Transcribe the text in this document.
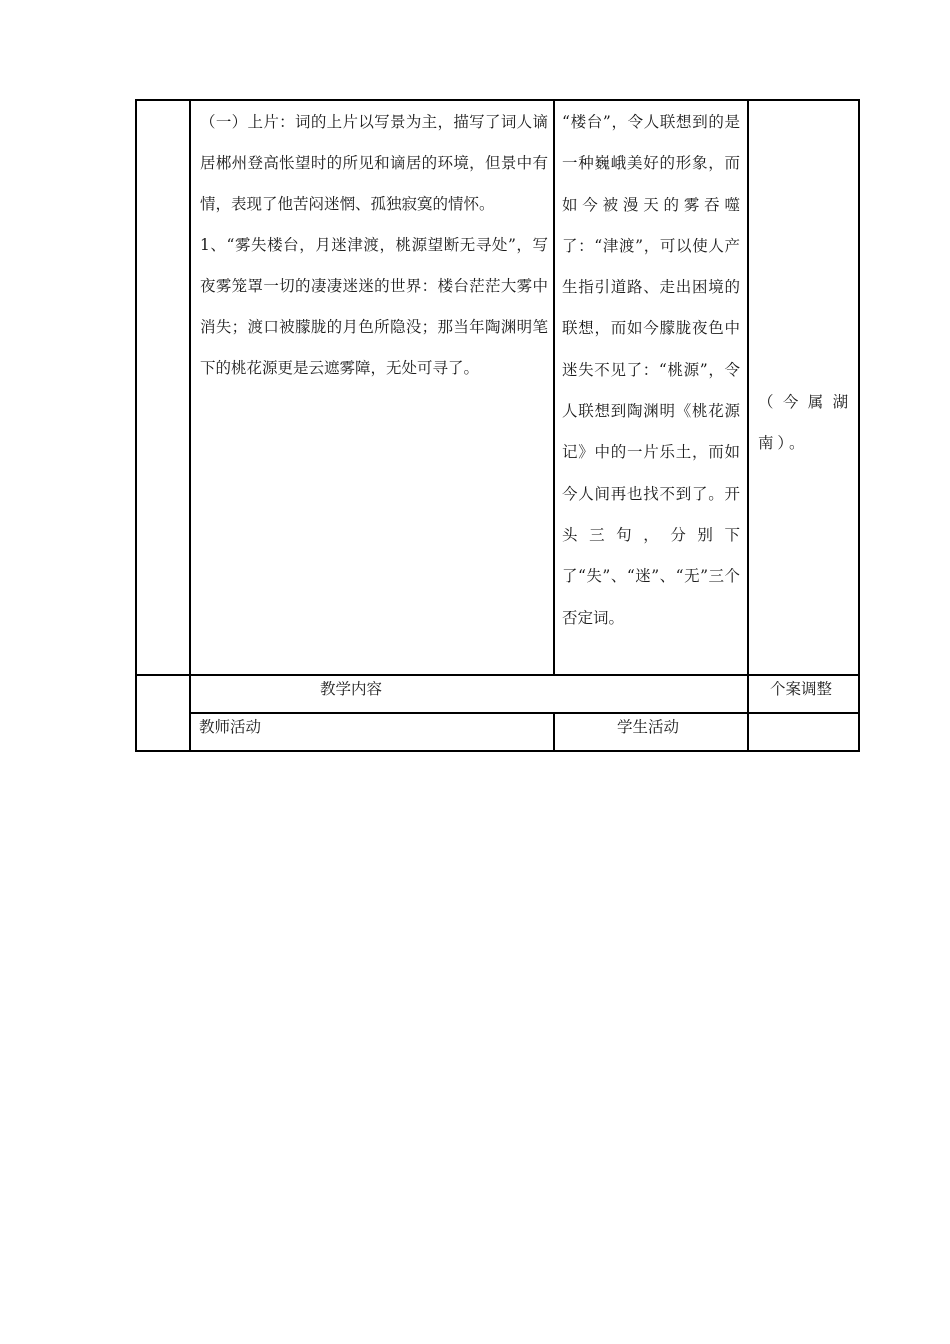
（一）上片：词的上片以写景为主，描写了词人谪居郴州登高怅望时的所见和谪居的环境，但景中有情，表现了他苦闷迷惘、孤独寂寞的情怀。

1、“雾失楼台，月迷津渡，桃源望断无寻处”，写夜雾笼罩一切的凄凄迷迷的世界：楼台茫茫大雾中消失；渡口被朦胧的月色所隐没；那当年陶渊明笔下的桃花源更是云遮雾障，无处可寻了。

“楼台”，令人联想到的是一种巍峨美好的形象，而如今被漫天的雾吞噬了：“津渡”，可以使人产生指引道路、走出困境的联想，而如今朦胧夜色中迷失不见了：“桃源”，令人联想到陶渊明《桃花源记》中的一片乐土，而如今人间再也找不到了。开头三句，分别下了“失”、“迷”、“无”三个否定词。
（今属湖南）。
教学内容	个案调整
教师活动	学生活动
